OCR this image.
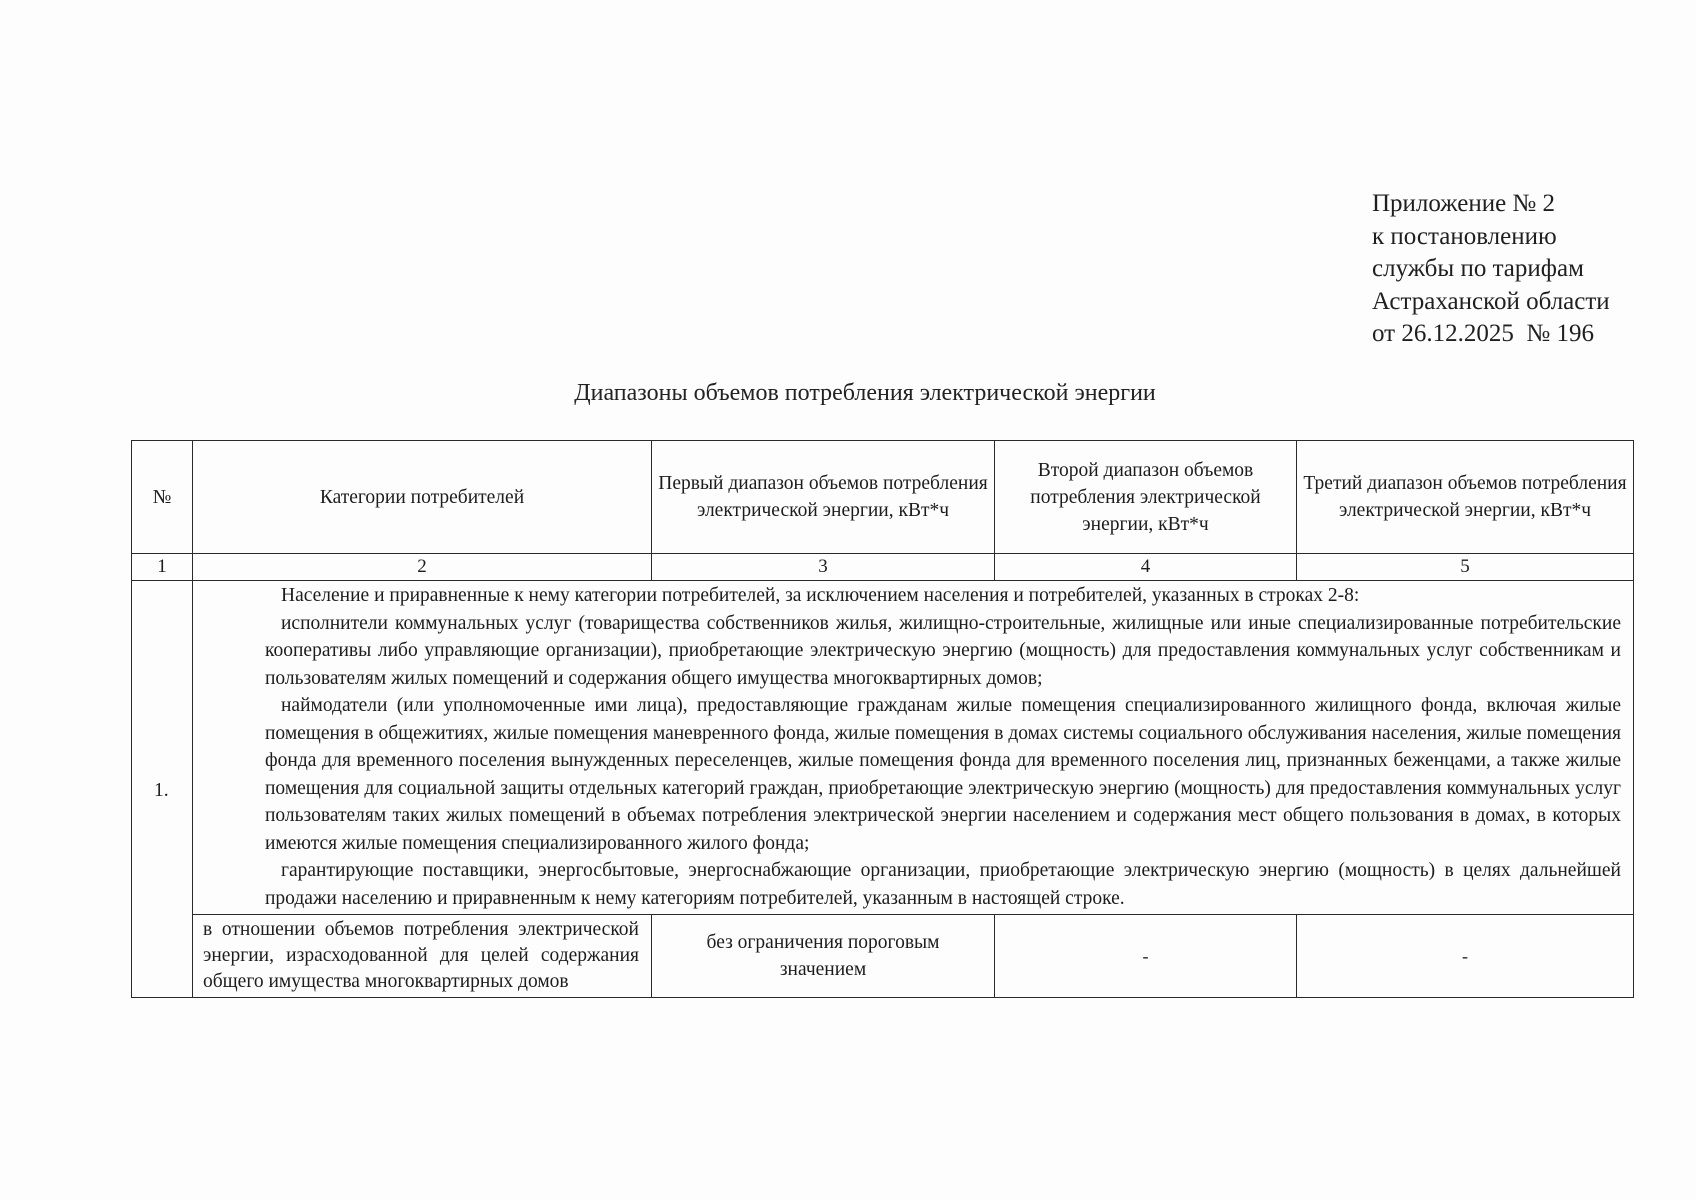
Приложение № 2
к постановлению
службы по тарифам
Астраханской области
от 26.12.2025  № 196
Диапазоны объемов потребления электрической энергии
№	Категории потребителей	Первый диапазон объемов потребления электрической энергии, кВт*ч	Второй диапазон объемов потребления электрической энергии, кВт*ч	Третий диапазон объемов потребления электрической энергии, кВт*ч
1	2	3	4	5
1.	Население и приравненные к нему категории потребителей, за исключением населения и потребителей, указанных в строках 2-8:
исполнители коммунальных услуг (товарищества собственников жилья, жилищно-строительные, жилищные или иные специализированные потребительские кооперативы либо управляющие организации), приобретающие электрическую энергию (мощность) для предоставления коммунальных услуг собственникам и пользователям жилых помещений и содержания общего имущества многоквартирных домов;
наймодатели (или уполномоченные ими лица), предоставляющие гражданам жилые помещения специализированного жилищного фонда, включая жилые помещения в общежитиях, жилые помещения маневренного фонда, жилые помещения в домах системы социального обслуживания населения, жилые помещения фонда для временного поселения вынужденных переселенцев, жилые помещения фонда для временного поселения лиц, признанных беженцами, а также жилые помещения для социальной защиты отдельных категорий граждан, приобретающие электрическую энергию (мощность) для предоставления коммунальных услуг пользователям таких жилых помещений в объемах потребления электрической энергии населением и содержания мест общего пользования в домах, в которых имеются жилые помещения специализированного жилого фонда;
гарантирующие поставщики, энергосбытовые, энергоснабжающие организации, приобретающие электрическую энергию (мощность) в целях дальнейшей продажи населению и приравненным к нему категориям потребителей, указанным в настоящей строке.			

	в отношении объемов потребления электрической энергии, израсходованной для целей содержания общего имущества многоквартирных домов	без ограничения пороговым значением	-	-
